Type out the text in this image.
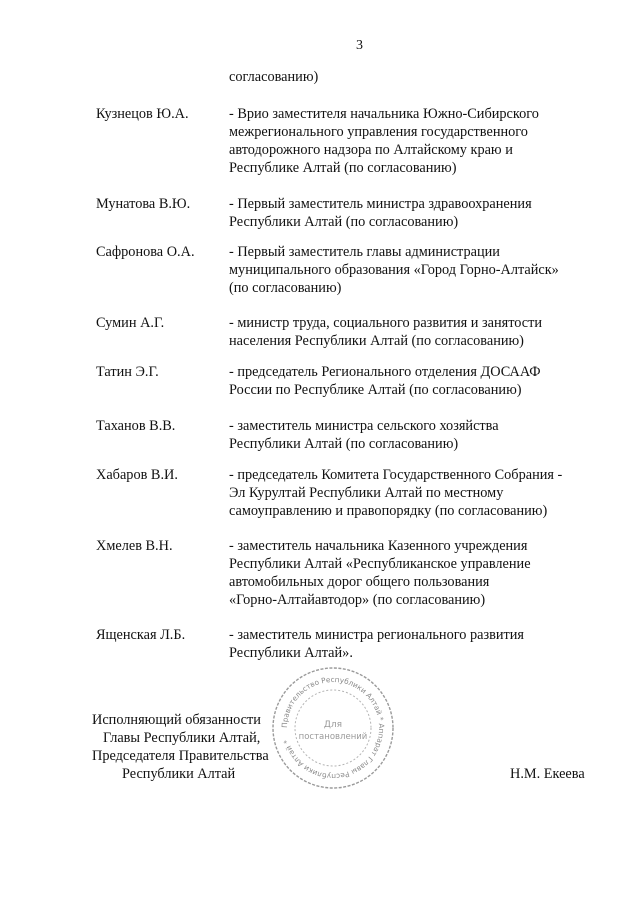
3
согласованию)
Кузнецов Ю.А.	- Врио заместителя начальника Южно-Сибирского
межрегионального управления государственного
автодорожного надзора по Алтайскому краю и
Республике Алтай (по согласованию)
Мунатова В.Ю.	- Первый заместитель министра здравоохранения
Республики Алтай (по согласованию)
Сафронова О.А. - Первый заместитель главы администрации
муниципального образования «Город Горно-Алтайск»
(по согласованию)
Сумин А.Г.	- министр труда, социального развития и занятости
населения Республики Алтай (по согласованию)
Татин Э.Г.	- председатель Регионального отделения ДОСААФ
России по Республике Алтай (по согласованию)
Таханов В.В.	- заместитель министра сельского хозяйства
Республики Алтай (по согласованию)
Хабаров В.И.	- председатель Комитета Государственного Собрания -
Эл Курултай Республики Алтай по местному
самоуправлению и правопорядку (по согласованию)
Хмелев В.Н.	- заместитель начальника Казенного учреждения
Республики Алтай «Республиканское управление
автомобильных дорог общего пользования
«Горно-Алтайавтодор» (по согласованию)
Ященская Л.Б.	- заместитель министра регионального развития
Республики Алтай».
Исполняющий обязанности
Главы Республики Алтай,
Председателя Правительства
Республики Алтай	Н.М. Екеева
Правительство Республики Алтай * Аппарат Главы Республики Алтай *
Для
постановлений
